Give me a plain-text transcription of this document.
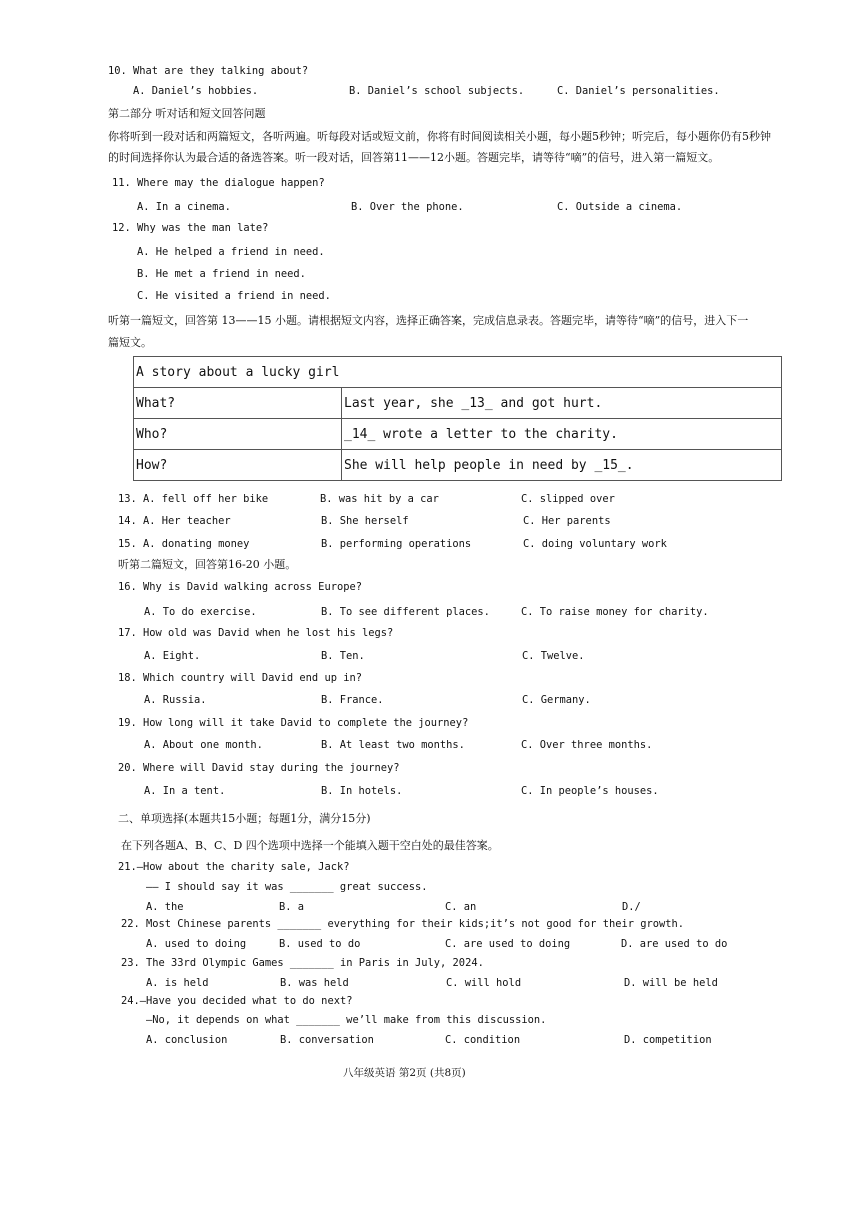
10. What are they talking about?
A. Daniel’s hobbies.	B. Daniel’s school subjects.	C. Daniel’s personalities.
第二部分 听对话和短文回答问题
你将听到一段对话和两篇短文，各听两遍。听每段对话或短文前，你将有时间阅读相关小题，每小题5秒钟；听完后，每小题你仍有5秒钟
的时间选择你认为最合适的备选答案。听一段对话，回答第11——12小题。答题完毕，请等待“嘀”的信号，进入第一篇短文。
11. Where may the dialogue happen?
A. In a cinema.	B. Over the phone.	C. Outside a cinema.
12. Why was the man late?
A. He helped a friend in need.
B. He met a friend in need.
C. He visited a friend in need.
听第一篇短文，回答第 13——15 小题。请根据短文内容，选择正确答案，完成信息录表。答题完毕，请等待“嘀”的信号，进入下一
篇短文。
A story about a lucky girl	
What?	Last year, she _13_ and got hurt.
Who?	_14_ wrote a letter to the charity.
How?	She will help people in need by _15_.
13. A. fell off her bike	B. was hit by a car	C. slipped over
14. A. Her teacher	B. She herself	C. Her parents
15. A. donating money	B. performing operations	C. doing voluntary work
听第二篇短文，回答第16-20 小题。
16. Why is David walking across Europe?
A. To do exercise.	B. To see different places.	C. To raise money for charity.
17. How old was David when he lost his legs?
A. Eight.	B. Ten.	C. Twelve.
18. Which country will David end up in?
A. Russia.	B. France.	C. Germany.
19. How long will it take David to complete the journey?
A. About one month.	B. At least two months.	C. Over three months.
20. Where will David stay during the journey?
A. In a tent.	B. In hotels.	C. In people’s houses.
二、单项选择(本题共15小题；每题1分，满分15分)
在下列各题A、B、C、D 四个选项中选择一个能填入题干空白处的最佳答案。
21.—How about the charity sale, Jack?
—— I should say it was _______ great success.
A. the	B. a	C. an	D./
22. Most Chinese parents _______ everything for their kids;it’s not good for their growth.
A. used to doing	B. used to do	C. are used to doing	D. are used to do
23. The 33rd Olympic Games _______ in Paris in July, 2024.
A. is held	B. was held	C. will hold	D. will be held
24.—Have you decided what to do next?
—No, it depends on what _______ we’ll make from this discussion.
A. conclusion	B. conversation	C. condition	D. competition
八年级英语 第2页 (共8页)
